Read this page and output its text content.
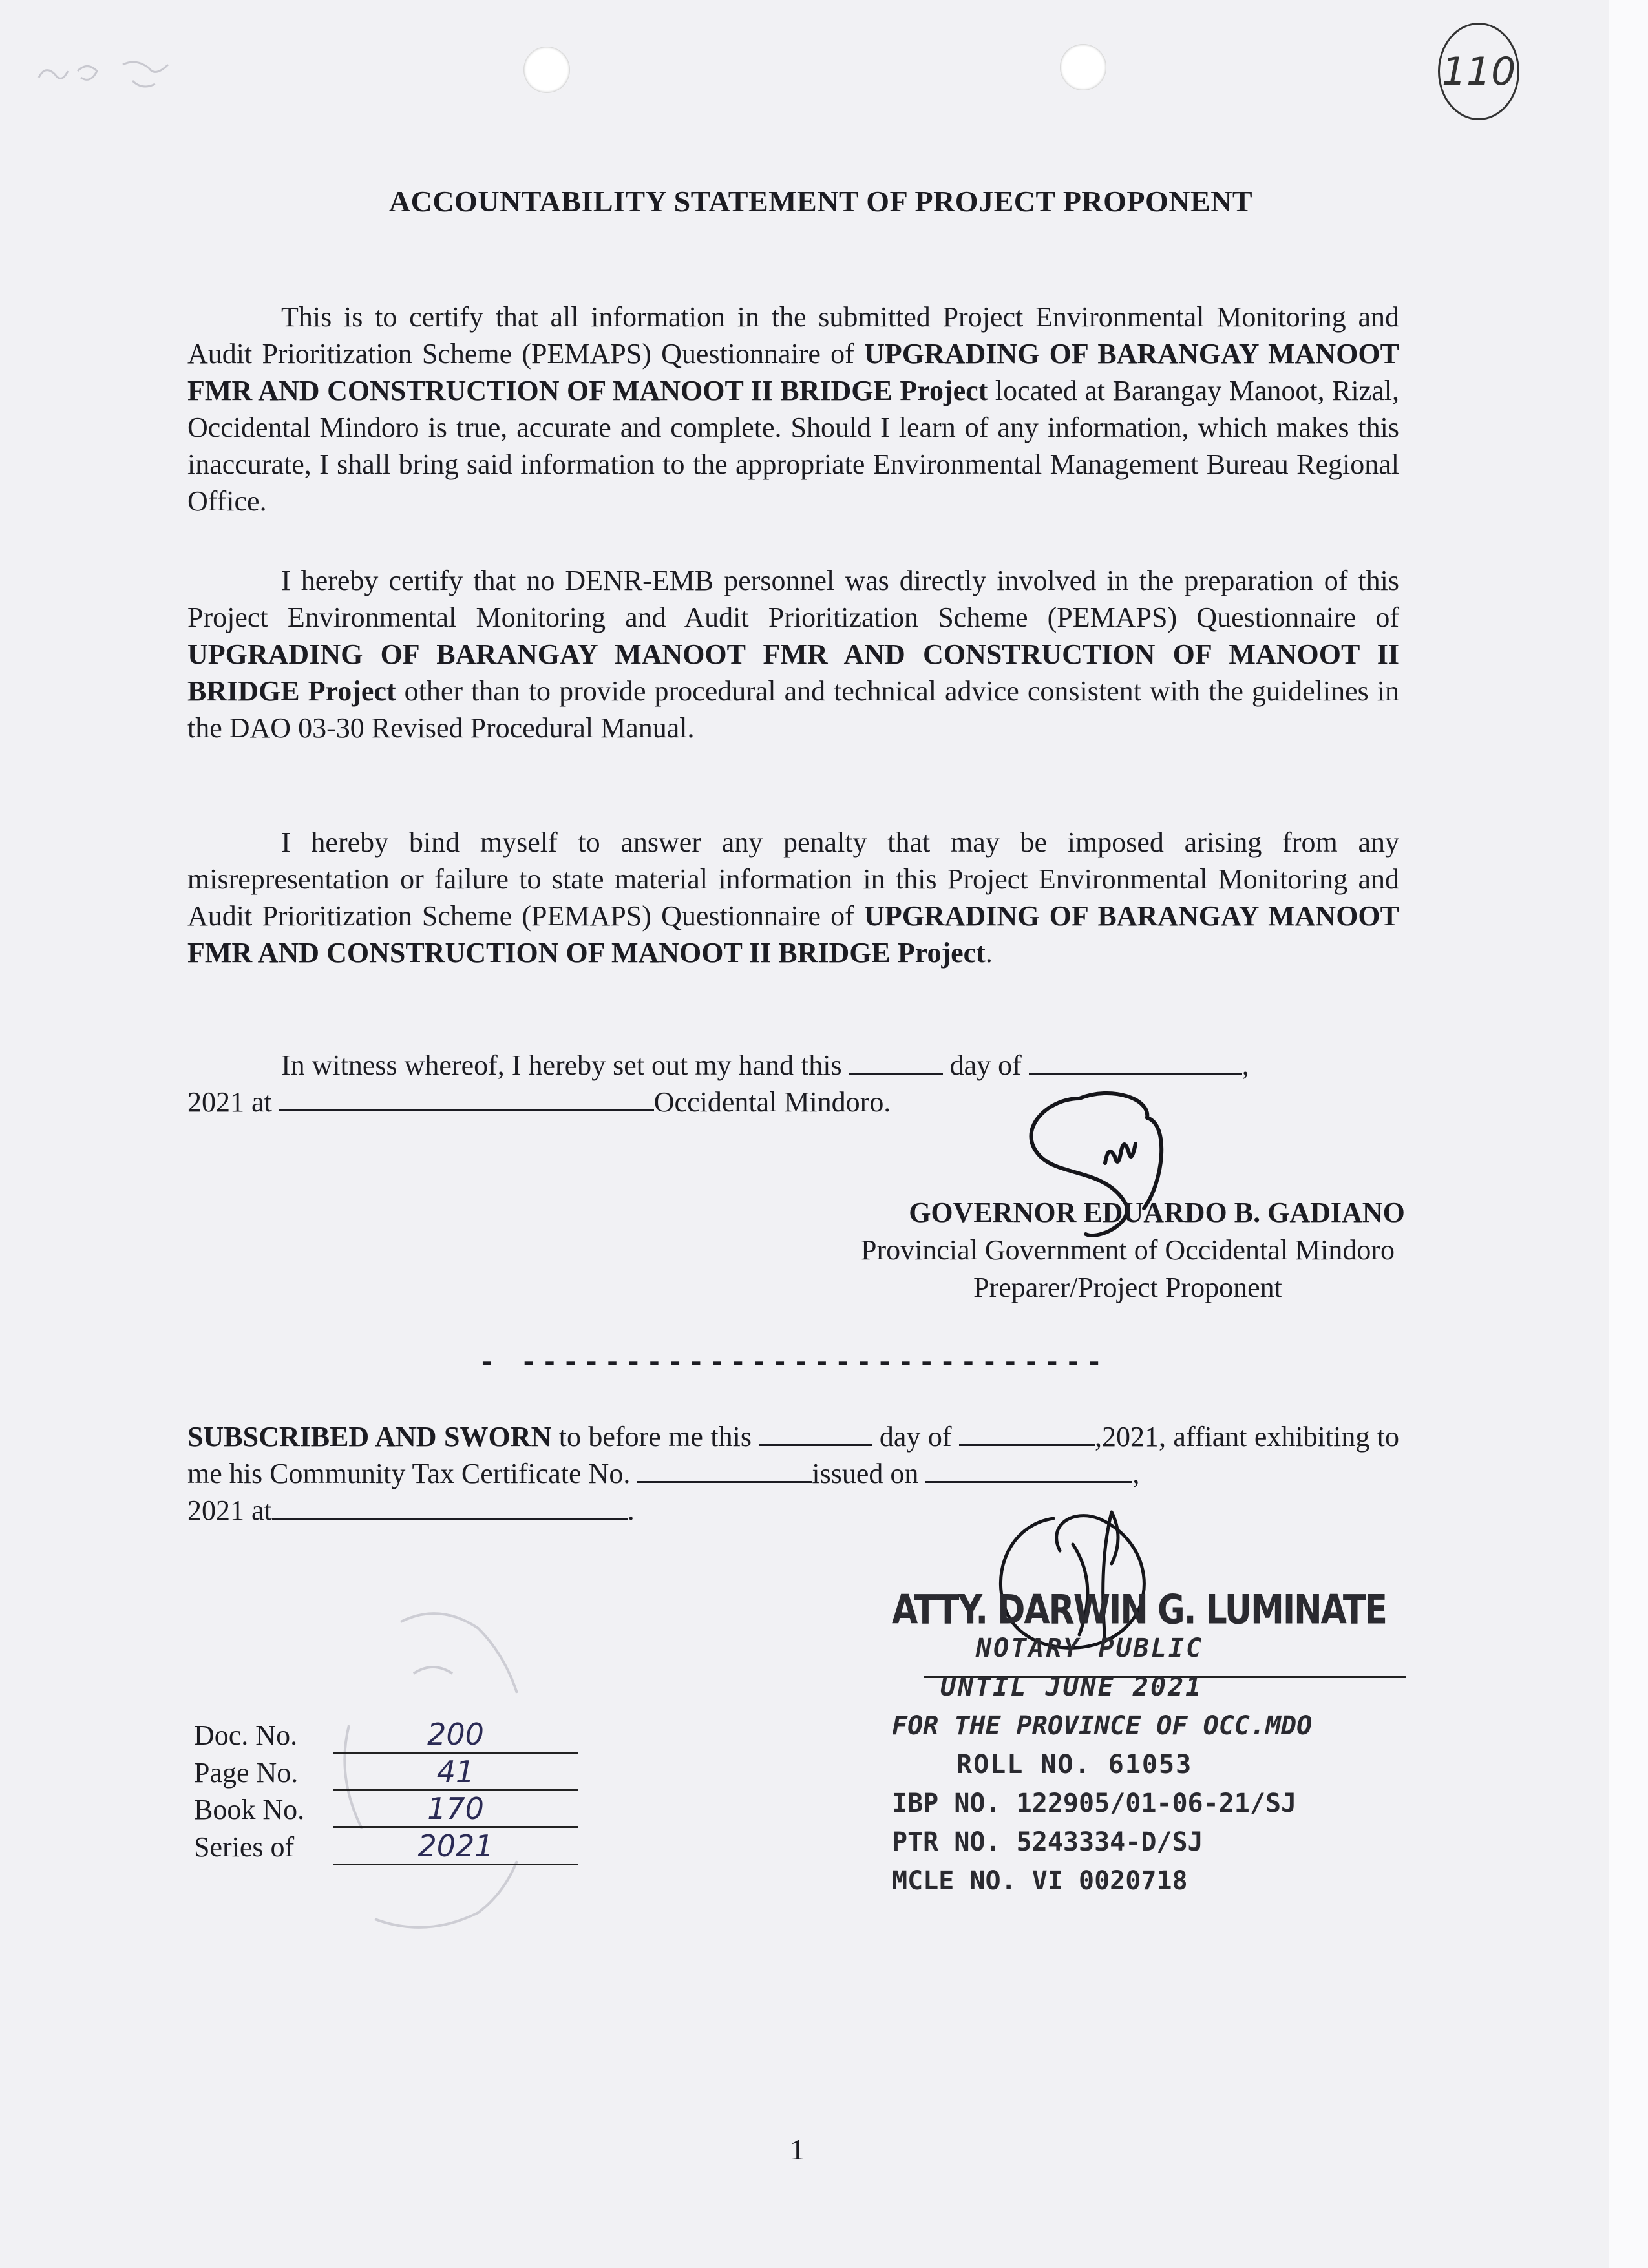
110
ACCOUNTABILITY STATEMENT OF PROJECT PROPONENT
This is to certify that all information in the submitted Project Environmental Monitoring and Audit Prioritization Scheme (PEMAPS) Questionnaire of UPGRADING OF BARANGAY MANOOT FMR AND CONSTRUCTION OF MANOOT II BRIDGE Project located at Barangay Manoot, Rizal, Occidental Mindoro is true, accurate and complete. Should I learn of any information, which makes this inaccurate, I shall bring said information to the appropriate Environmental Management Bureau Regional Office.
I hereby certify that no DENR-EMB personnel was directly involved in the preparation of this Project Environmental Monitoring and Audit Prioritization Scheme (PEMAPS) Questionnaire of UPGRADING OF BARANGAY MANOOT FMR AND CONSTRUCTION OF MANOOT II BRIDGE Project other than to provide procedural and technical advice consistent with the guidelines in the DAO 03-30 Revised Procedural Manual.
I hereby bind myself to answer any penalty that may be imposed arising from any misrepresentation or failure to state material information in this Project Environmental Monitoring and Audit Prioritization Scheme (PEMAPS) Questionnaire of UPGRADING OF BARANGAY MANOOT FMR AND CONSTRUCTION OF MANOOT II BRIDGE Project.
In witness whereof, I hereby set out my hand this	day of	,
2021 at	Occidental Mindoro.
GOVERNOR EDUARDO B. GADIANO
Provincial Government of Occidental Mindoro
Preparer/Project Proponent
- ----------------------------
SUBSCRIBED AND SWORN to before me this	day of	,2021, affiant exhibiting to me his Community Tax Certificate No.	issued on	,
2021 at	.
ATTY. DARWIN G. LUMINATE
NOTARY PUBLIC
UNTIL JUNE 2021
FOR THE PROVINCE OF OCC.MDO
ROLL NO. 61053
IBP NO. 122905/01-06-21/SJ
PTR NO. 5243334-D/SJ
MCLE NO. VI 0020718
Doc. No.	200
Page No.	41
Book No.	170
Series of	2021
1
